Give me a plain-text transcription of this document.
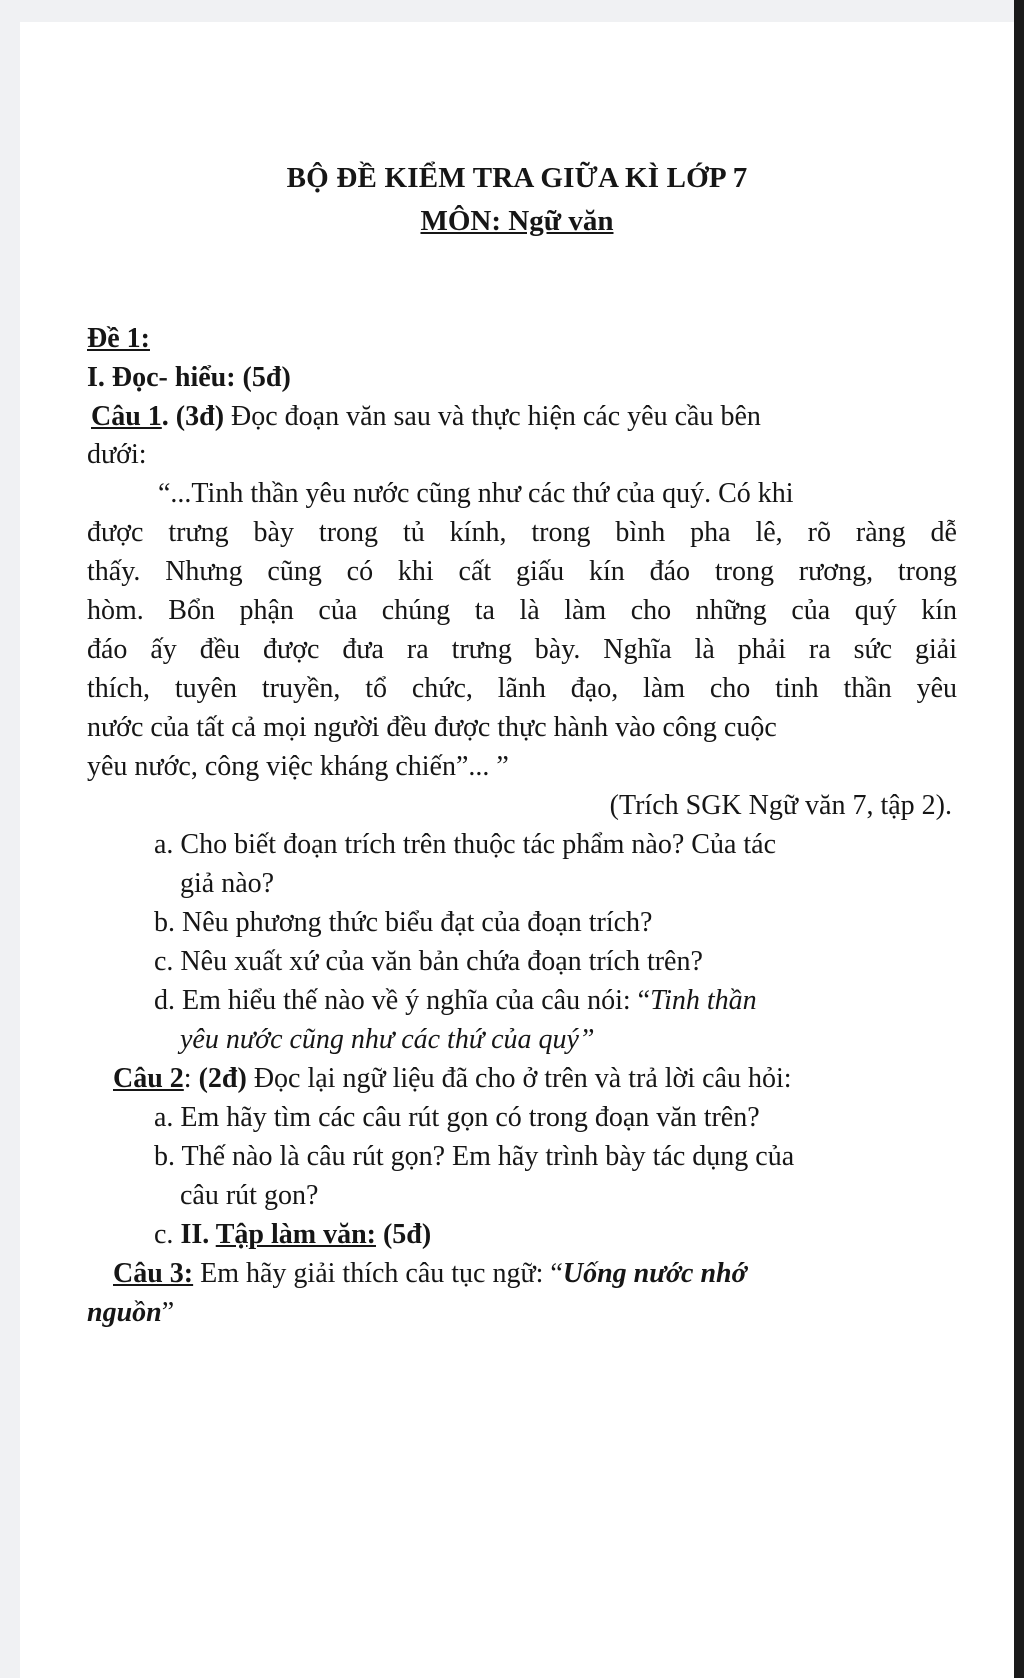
BỘ ĐỀ KIỂM TRA GIỮA KÌ LỚP 7
MÔN: Ngữ văn
Đề 1:
I. Đọc- hiểu: (5đ)
Câu 1. (3đ) Đọc đoạn văn sau và thực hiện các yêu cầu bên
dưới:
“...Tinh thần yêu nước cũng như các thứ của quý. Có khi
được trưng bày trong tủ kính, trong bình pha lê, rõ ràng dễ
thấy. Nhưng cũng có khi cất giấu kín đáo trong rương, trong
hòm. Bổn phận của chúng ta là làm cho những của quý kín
đáo ấy đều được đưa ra trưng bày. Nghĩa là phải ra sức giải
thích, tuyên truyền, tổ chức, lãnh đạo, làm cho tinh thần yêu
nước của tất cả mọi người đều được thực hành vào công cuộc
yêu nước, công việc kháng chiến”... ”
(Trích SGK Ngữ văn 7, tập 2).
a. Cho biết đoạn trích trên thuộc tác phẩm nào? Của tác
giả nào?
b. Nêu phương thức biểu đạt của đoạn trích?
c. Nêu xuất xứ của văn bản chứa đoạn trích trên?
d. Em hiểu thế nào về ý nghĩa của câu nói: “Tinh thần
yêu nước cũng như các thứ của quý”
Câu 2: (2đ) Đọc lại ngữ liệu đã cho ở trên và trả lời câu hỏi:
a. Em hãy tìm các câu rút gọn có trong đoạn văn trên?
b. Thế nào là câu rút gọn? Em hãy trình bày tác dụng của
câu rút gon?
c. II. Tập làm văn: (5đ)
Câu 3: Em hãy giải thích câu tục ngữ: “Uống nước nhớ
nguồn”
